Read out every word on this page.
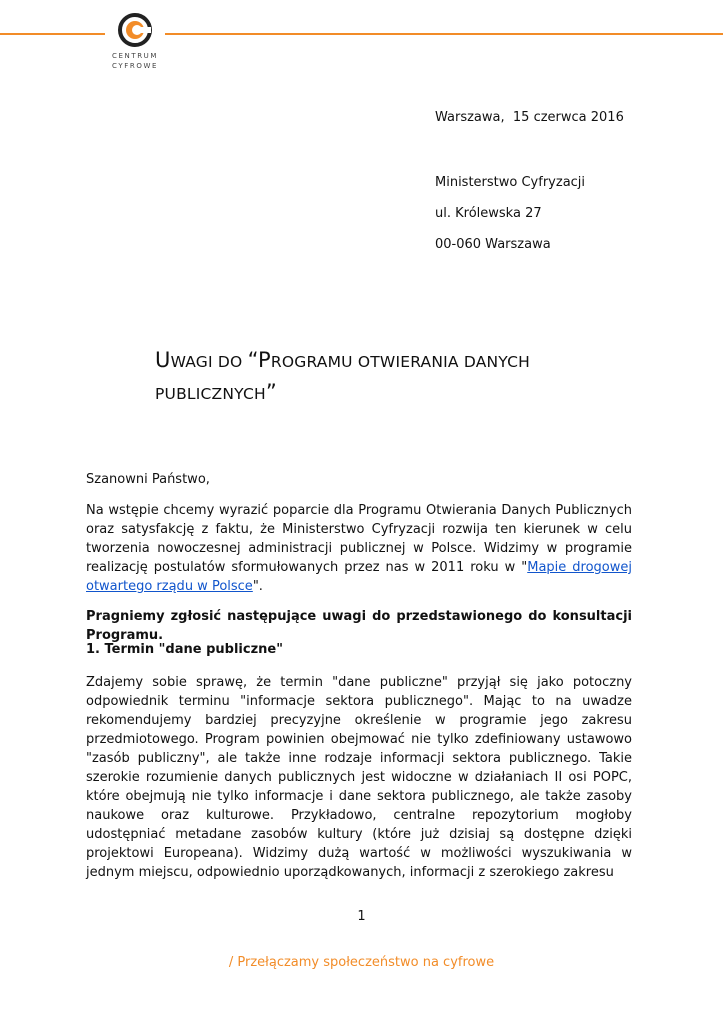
CENTRUM
CYFROWE
Warszawa,  15 czerwca 2016
Ministerstwo Cyfryzacji
ul. Królewska 27
00-060 Warszawa
UWAGI DO “PROGRAMU OTWIERANIA DANYCH
PUBLICZNYCH”
Szanowni Państwo,
Na wstępie chcemy wyrazić poparcie dla Programu Otwierania Danych Publicznych oraz satysfakcję z faktu, że Ministerstwo Cyfryzacji rozwija ten kierunek w celu tworzenia nowoczesnej administracji publicznej w Polsce. Widzimy w programie realizację postulatów sformułowanych przez nas w 2011 roku w "Mapie drogowej otwartego rządu w Polsce".
Pragniemy zgłosić następujące uwagi do przedstawionego do konsultacji Programu.
1. Termin "dane publiczne"
Zdajemy sobie sprawę, że termin "dane publiczne" przyjął się jako potoczny odpowiednik terminu "informacje sektora publicznego". Mając to na uwadze rekomendujemy bardziej precyzyjne określenie w programie jego zakresu przedmiotowego. Program powinien obejmować nie tylko zdefiniowany ustawowo "zasób publiczny", ale także inne rodzaje informacji sektora publicznego. Takie szerokie rozumienie danych publicznych jest widoczne w działaniach II osi POPC, które obejmują nie tylko informacje i dane sektora publicznego, ale także zasoby naukowe oraz kulturowe. Przykładowo, centralne repozytorium mogłoby udostępniać metadane zasobów kultury (które już dzisiaj są dostępne dzięki projektowi Europeana). Widzimy dużą wartość w możliwości wyszukiwania w jednym miejscu, odpowiednio uporządkowanych, informacji z szerokiego zakresu
1
/ Przełączamy społeczeństwo na cyfrowe
